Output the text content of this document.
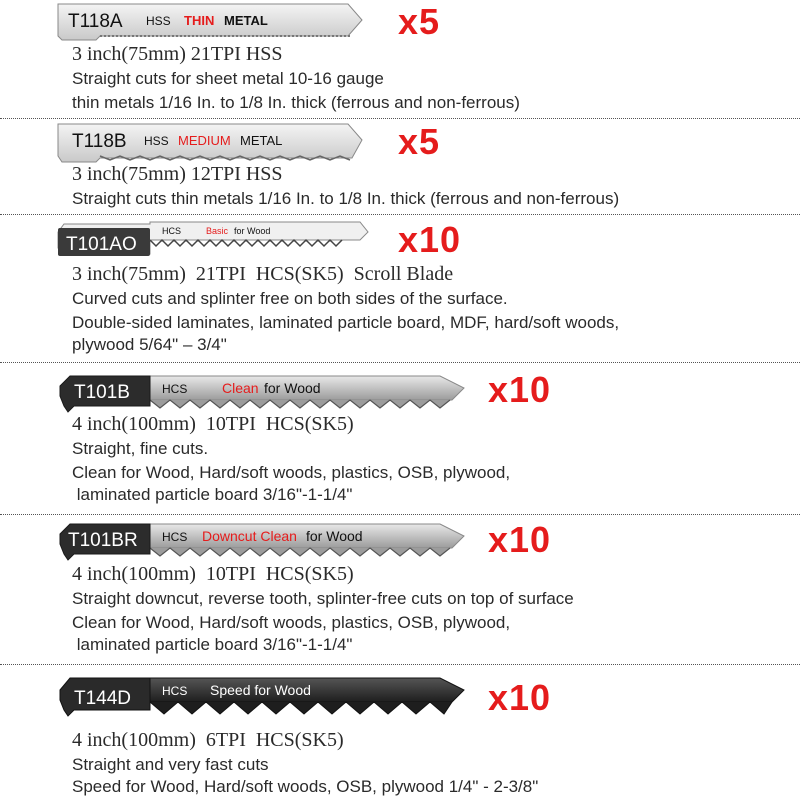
T118A HSS THIN METAL	x5
3 inch(75mm) 21TPI HSS
Straight cuts for sheet metal 10-16 gauge
thin metals 1/16 In. to 1/8 In. thick (ferrous and non-ferrous)
T118B HSS MEDIUM METAL	x5
3 inch(75mm) 12TPI HSS
Straight cuts thin metals 1/16 In. to 1/8 In. thick (ferrous and non-ferrous)
T101AO
HCS	Basic for Wood	x10
3 inch(75mm)  21TPI  HCS(SK5)  Scroll Blade
Curved cuts and splinter free on both sides of the surface.
Double-sided laminates, laminated particle board, MDF, hard/soft woods,
plywood 5/64" – 3/4"
T101B	HCS Clean for Wood	x10
4 inch(100mm)  10TPI  HCS(SK5)
Straight, fine cuts.
Clean for Wood, Hard/soft woods, plastics, OSB, plywood,
laminated particle board 3/16"-1-1/4"
T101BR HCS Downcut Clean for Wood	x10
4 inch(100mm)  10TPI  HCS(SK5)
Straight downcut, reverse tooth, splinter-free cuts on top of surface
Clean for Wood, Hard/soft woods, plastics, OSB, plywood,
laminated particle board 3/16"-1-1/4"
T144D	HCS Speed for Wood	x10
4 inch(100mm)  6TPI  HCS(SK5)
Straight and very fast cuts
Speed for Wood, Hard/soft woods, OSB, plywood 1/4" - 2-3/8"
